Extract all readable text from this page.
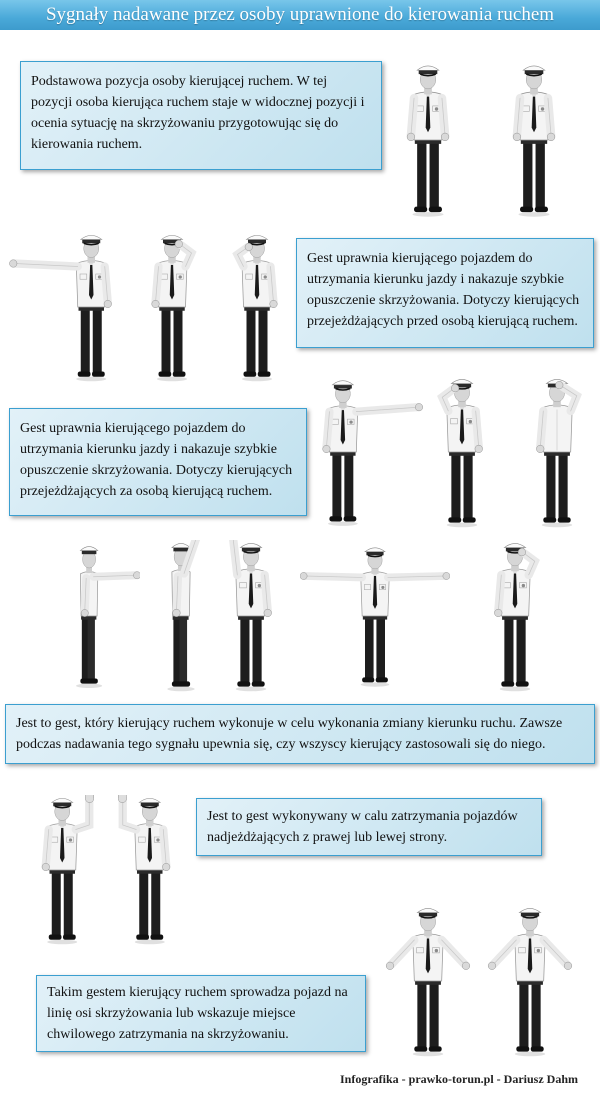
Sygnały nadawane przez osoby uprawnione do kierowania ruchem
Podstawowa pozycja osoby kierującej ruchem. W tej pozycji osoba kierująca ruchem staje w widocznej pozycji i ocenia sytuację na skrzyżowaniu przygotowując się do kierowania ruchem.
Gest uprawnia kierującego pojazdem do utrzymania kierunku jazdy i nakazuje szybkie opuszczenie skrzyżowania. Dotyczy kierujących przejeżdżających przed osobą kierującą ruchem.
Gest uprawnia kierującego pojazdem do utrzymania kierunku jazdy i nakazuje szybkie opuszczenie skrzyżowania. Dotyczy kierujących przejeżdżających za osobą kierującą ruchem.
Jest to gest, który kierujący ruchem wykonuje w celu wykonania zmiany kierunku ruchu. Zawsze podczas nadawania tego sygnału upewnia się, czy wszyscy kierujący zastosowali się do niego.
Jest to gest wykonywany w calu zatrzymania pojazdów nadjeżdżających z prawej lub lewej strony.
Takim gestem kierujący ruchem sprowadza pojazd na linię osi skrzyżowania lub wskazuje miejsce chwilowego zatrzymania na skrzyżowaniu.
Infografika - prawko-torun.pl - Dariusz Dahm
